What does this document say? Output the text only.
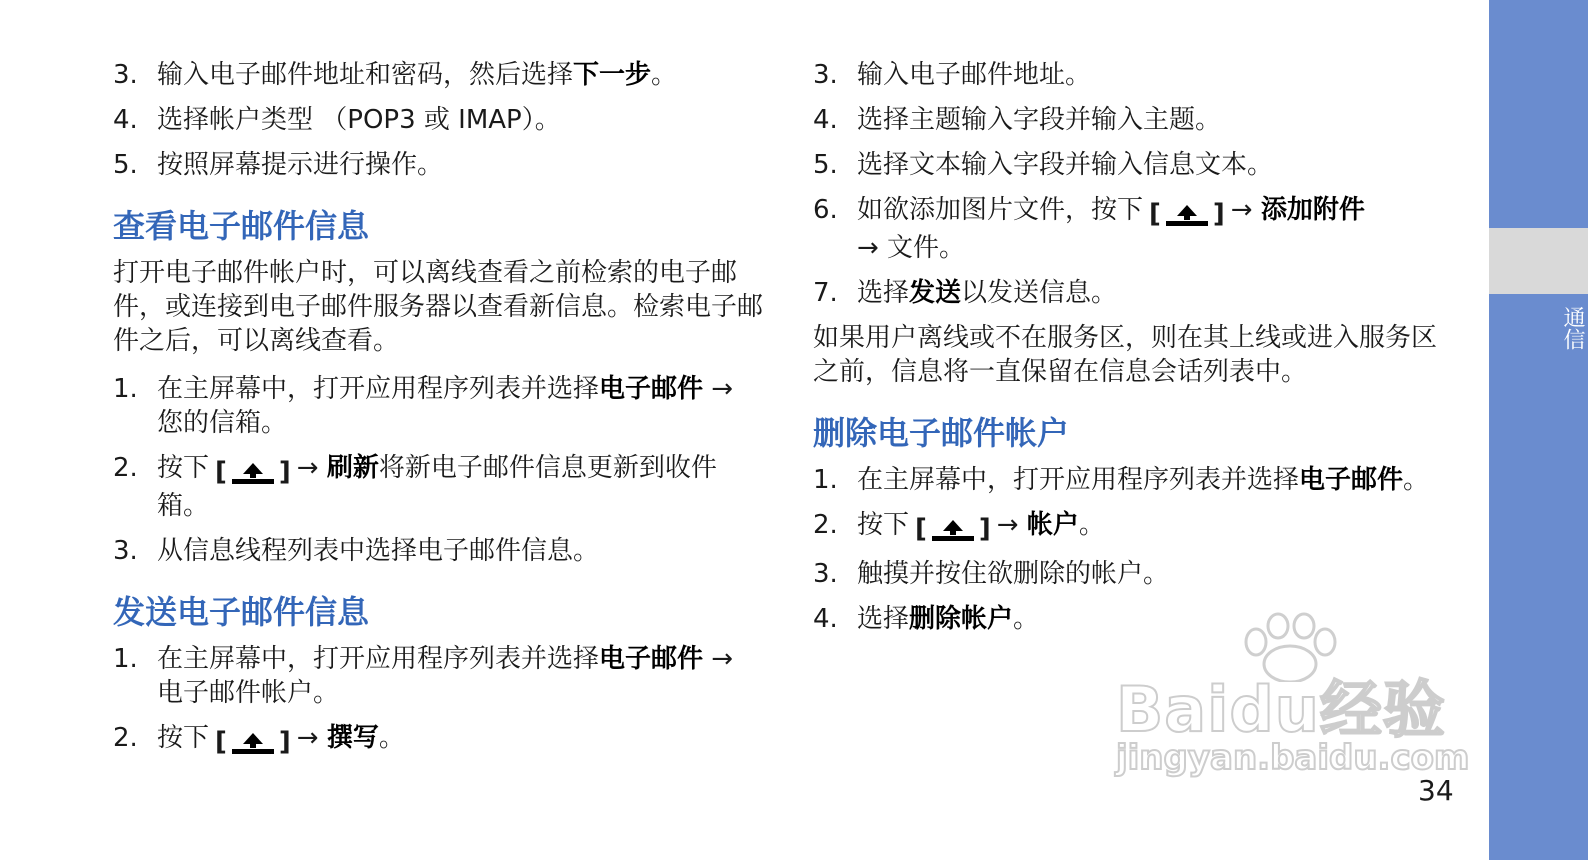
3. 输入电子邮件地址和密码，然后选择下一步。
4. 选择帐户类型 （POP3 或 IMAP）。
5. 按照屏幕提示进行操作。
查看电子邮件信息

打开电子邮件帐户时，可以离线查看之前检索的电子邮件，或连接到电子邮件服务器以查看新信息。检索电子邮件之后，可以离线查看。

1. 在主屏幕中，打开应用程序列表并选择电子邮件 → 您的信箱。
2. 按下 [ ] → 刷新将新电子邮件信息更新到收件箱。
3. 从信息线程列表中选择电子邮件信息。
发送电子邮件信息
1. 在主屏幕中，打开应用程序列表并选择电子邮件 → 电子邮件帐户。
2. 按下 [ ] → 撰写。
3. 输入电子邮件地址。
4. 选择主题输入字段并输入主题。
5. 选择文本输入字段并输入信息文本。
6. 如欲添加图片文件，按下 [ ] → 添加附件
→ 文件。
7. 选择发送以发送信息。

如果用户离线或不在服务区，则在其上线或进入服务区之前，信息将一直保留在信息会话列表中。

删除电子邮件帐户
1. 在主屏幕中，打开应用程序列表并选择电子邮件。
2. 按下 [ ] → 帐户。
3. 触摸并按住欲删除的帐户。
4. 选择删除帐户。
Baidu经验
jingyan.baidu.com
34
通信
